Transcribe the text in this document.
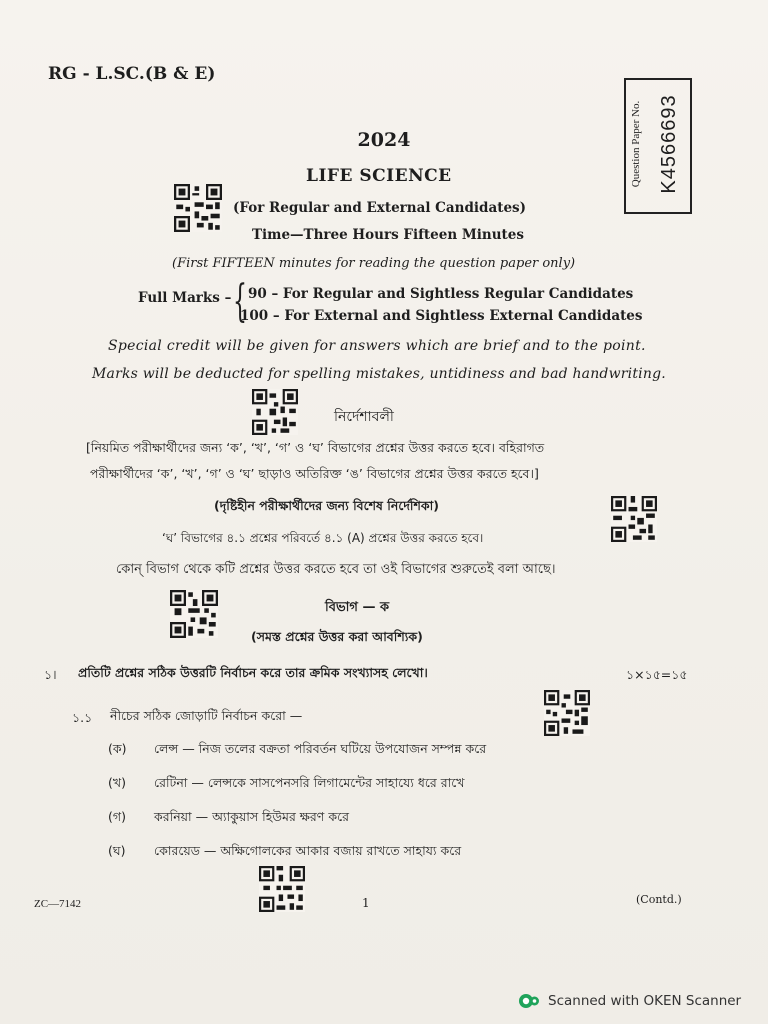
RG - L.SC.(B & E)
Question Paper No. K4566693
2024
LIFE SCIENCE
(For Regular and External Candidates)
Time—Three Hours Fifteen Minutes
(First FIFTEEN minutes for reading the question paper only)
Full Marks – { 90 – For Regular and Sightless Regular Candidates
100 – For External and Sightless External Candidates
Special credit will be given for answers which are brief and to the point.
Marks will be deducted for spelling mistakes, untidiness and bad handwriting.
নির্দেশাবলী
[নিয়মিত পরীক্ষার্থীদের জন্য ‘ক’, ‘খ’, ‘গ’ ও ‘ঘ’ বিভাগের প্রশ্নের উত্তর করতে হবে। বহিরাগত
পরীক্ষার্থীদের ‘ক’, ‘খ’, ‘গ’ ও ‘ঘ’ ছাড়াও অতিরিক্ত ‘ঙ’ বিভাগের প্রশ্নের উত্তর করতে হবে।]
(দৃষ্টিহীন পরীক্ষার্থীদের জন্য বিশেষ নির্দেশিকা)
‘ঘ’ বিভাগের ৪.১ প্রশ্নের পরিবর্তে ৪.১ (A) প্রশ্নের উত্তর করতে হবে।
কোন্ বিভাগ থেকে কটি প্রশ্নের উত্তর করতে হবে তা ওই বিভাগের শুরুতেই বলা আছে।
বিভাগ — ক
(সমস্ত প্রশ্নের উত্তর করা আবশ্যিক)
১। প্রতিটি প্রশ্নের সঠিক উত্তরটি নির্বাচন করে তার ক্রমিক সংখ্যাসহ লেখো।	১×১৫=১৫
১.১ নীচের সঠিক জোড়াটি নির্বাচন করো —
(ক) লেন্স — নিজ তলের বক্রতা পরিবর্তন ঘটিয়ে উপযোজন সম্পন্ন করে
(খ) রেটিনা — লেন্সকে সাসপেনসরি লিগামেন্টের সাহায্যে ধরে রাখে
(গ) করনিয়া — অ্যাকুয়াস হিউমর ক্ষরণ করে
(ঘ) কোরয়েড — অক্ষিগোলকের আকার বজায় রাখতে সাহায্য করে
ZC—7142	1	(Contd.)
Scanned with OKEN Scanner
